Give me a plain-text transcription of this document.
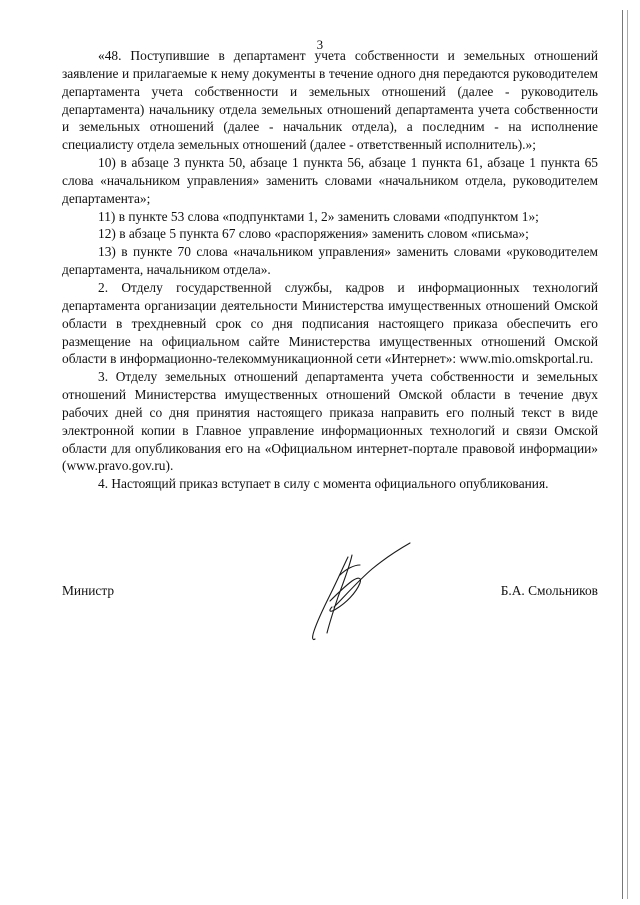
3

«48. Поступившие в департамент учета собственности и земельных отношений заявление и прилагаемые к нему документы в течение одного дня передаются руководителем департамента учета собственности и земельных отношений (далее - руководитель департамента) начальнику отдела земельных отношений департамента учета собственности и земельных отношений (далее - начальник отдела), а последним - на исполнение специалисту отдела земельных отношений (далее - ответственный исполнитель).»;

10) в абзаце 3 пункта 50, абзаце 1 пункта 56, абзаце 1 пункта 61, абзаце 1 пункта 65 слова «начальником управления» заменить словами «начальником отдела, руководителем департамента»;

11) в пункте 53 слова «подпунктами 1, 2» заменить словами «подпунктом 1»;

12) в абзаце 5 пункта 67 слово «распоряжения» заменить словом «письма»;

13) в пункте 70 слова «начальником управления» заменить словами «руководителем департамента, начальником отдела».

2. Отделу государственной службы, кадров и информационных технологий департамента организации деятельности Министерства имущественных отношений Омской области в трехдневный срок со дня подписания настоящего приказа обеспечить его размещение на официальном сайте Министерства имущественных отношений Омской области в информационно-телекоммуникационной сети «Интернет»: www.mio.omskportal.ru.

3. Отделу земельных отношений департамента учета собственности и земельных отношений Министерства имущественных отношений Омской области в течение двух рабочих дней со дня принятия настоящего приказа направить его полный текст в виде электронной копии в Главное управление информационных технологий и связи Омской области для опубликования его на «Официальном интернет-портале правовой информации» (www.pravo.gov.ru).

4. Настоящий приказ вступает в силу с момента официального опубликования.

Министр	Б.А. Смольников
